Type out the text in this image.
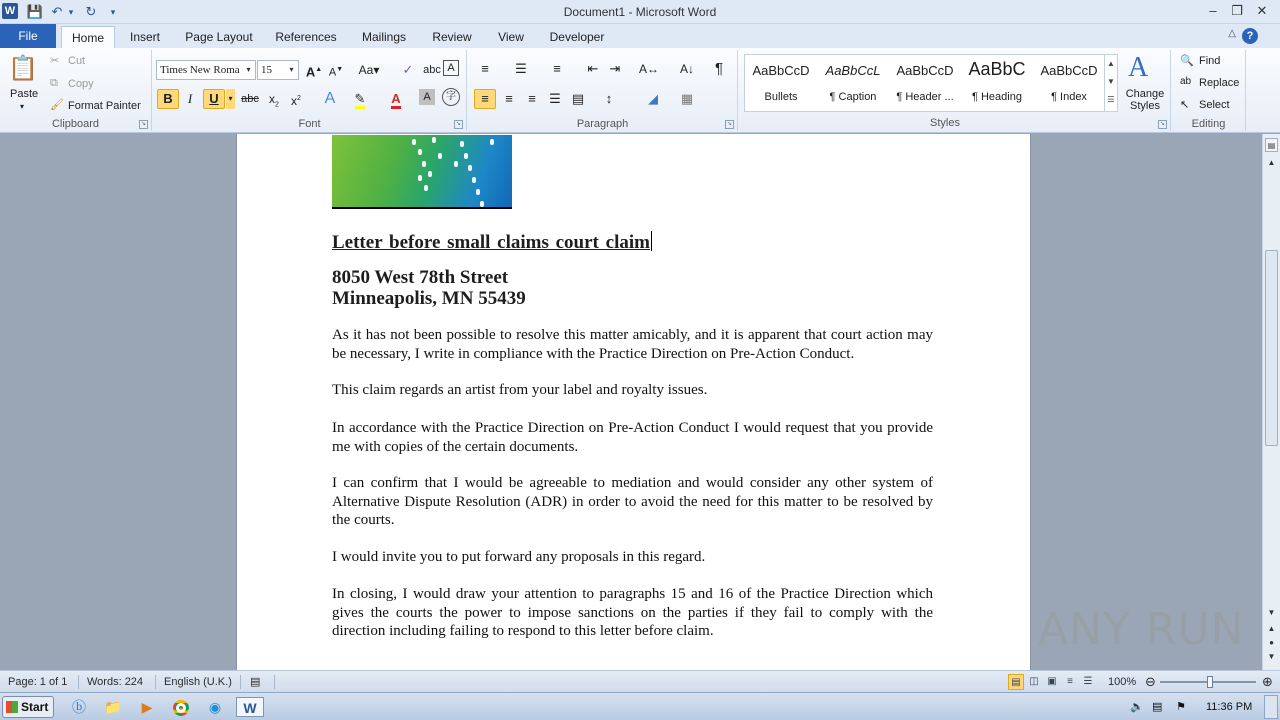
W 💾 ↶ ▾ ↻	▾	Document1 - Microsoft Word	–	❐	✕
File	Home	Insert	Page Layout	References	Mailings	Review	View	Developer	△ ?
📋
Paste
▾
✂ Cut
⧉ Copy
🖌 Format Painter
Clipboard	↘
Times New Roma ▾ 15	▾ A▲ A▼	Aa▾	✓ abc A
B	I	U	▾ abc $x_2$	$x^2$	A	✎	A	A	字
Font	↘
≡	☰	≡	⇤ ⇥	A↔	A↓	¶
≡	≡	≡	☰ ▤	↕	◢	▦
Paragraph	↘
AaBbCcD
Bullets
AaBbCcL
¶ Caption
AaBbCcD
¶ Header ...
AaBbC
¶ Heading
AaBbCcD
¶ Index
▲
▼
☰
A
Change Styles
Styles	↘
🔍 Find
ab Replace
↖ Select
Editing
Letter before small claims court claim
8050 West 78th Street
Minneapolis, MN 55439
As it has not been possible to resolve this matter amicably, and it is apparent that court action may be necessary, I write in compliance with the Practice Direction on Pre-Action Conduct.
This claim regards an artist from your label and royalty issues.
In accordance with the Practice Direction on Pre-Action Conduct I would request that you provide me with copies of the certain documents.
I can confirm that I would be agreeable to mediation and would consider any other system of Alternative Dispute Resolution (ADR) in order to avoid the need for this matter to be resolved by the courts.
I would invite you to put forward any proposals in this regard.
In closing, I would draw your attention to paragraphs 15 and 16 of the Practice Direction which gives the courts the power to impose sanctions on the parties if they fail to comply with the direction including failing to respond to this letter before claim.
▤
▲
▼
▲
●
▼
ANY RUN
Page: 1 of 1 Words: 224 English (U.K.) ▤	▤ ◫ ▣	≡	☰	100% ⊖	⊕
Start	ⓑ 📁	▶	◉	W	🔈 ▤ ⚑ 11:36 PM
